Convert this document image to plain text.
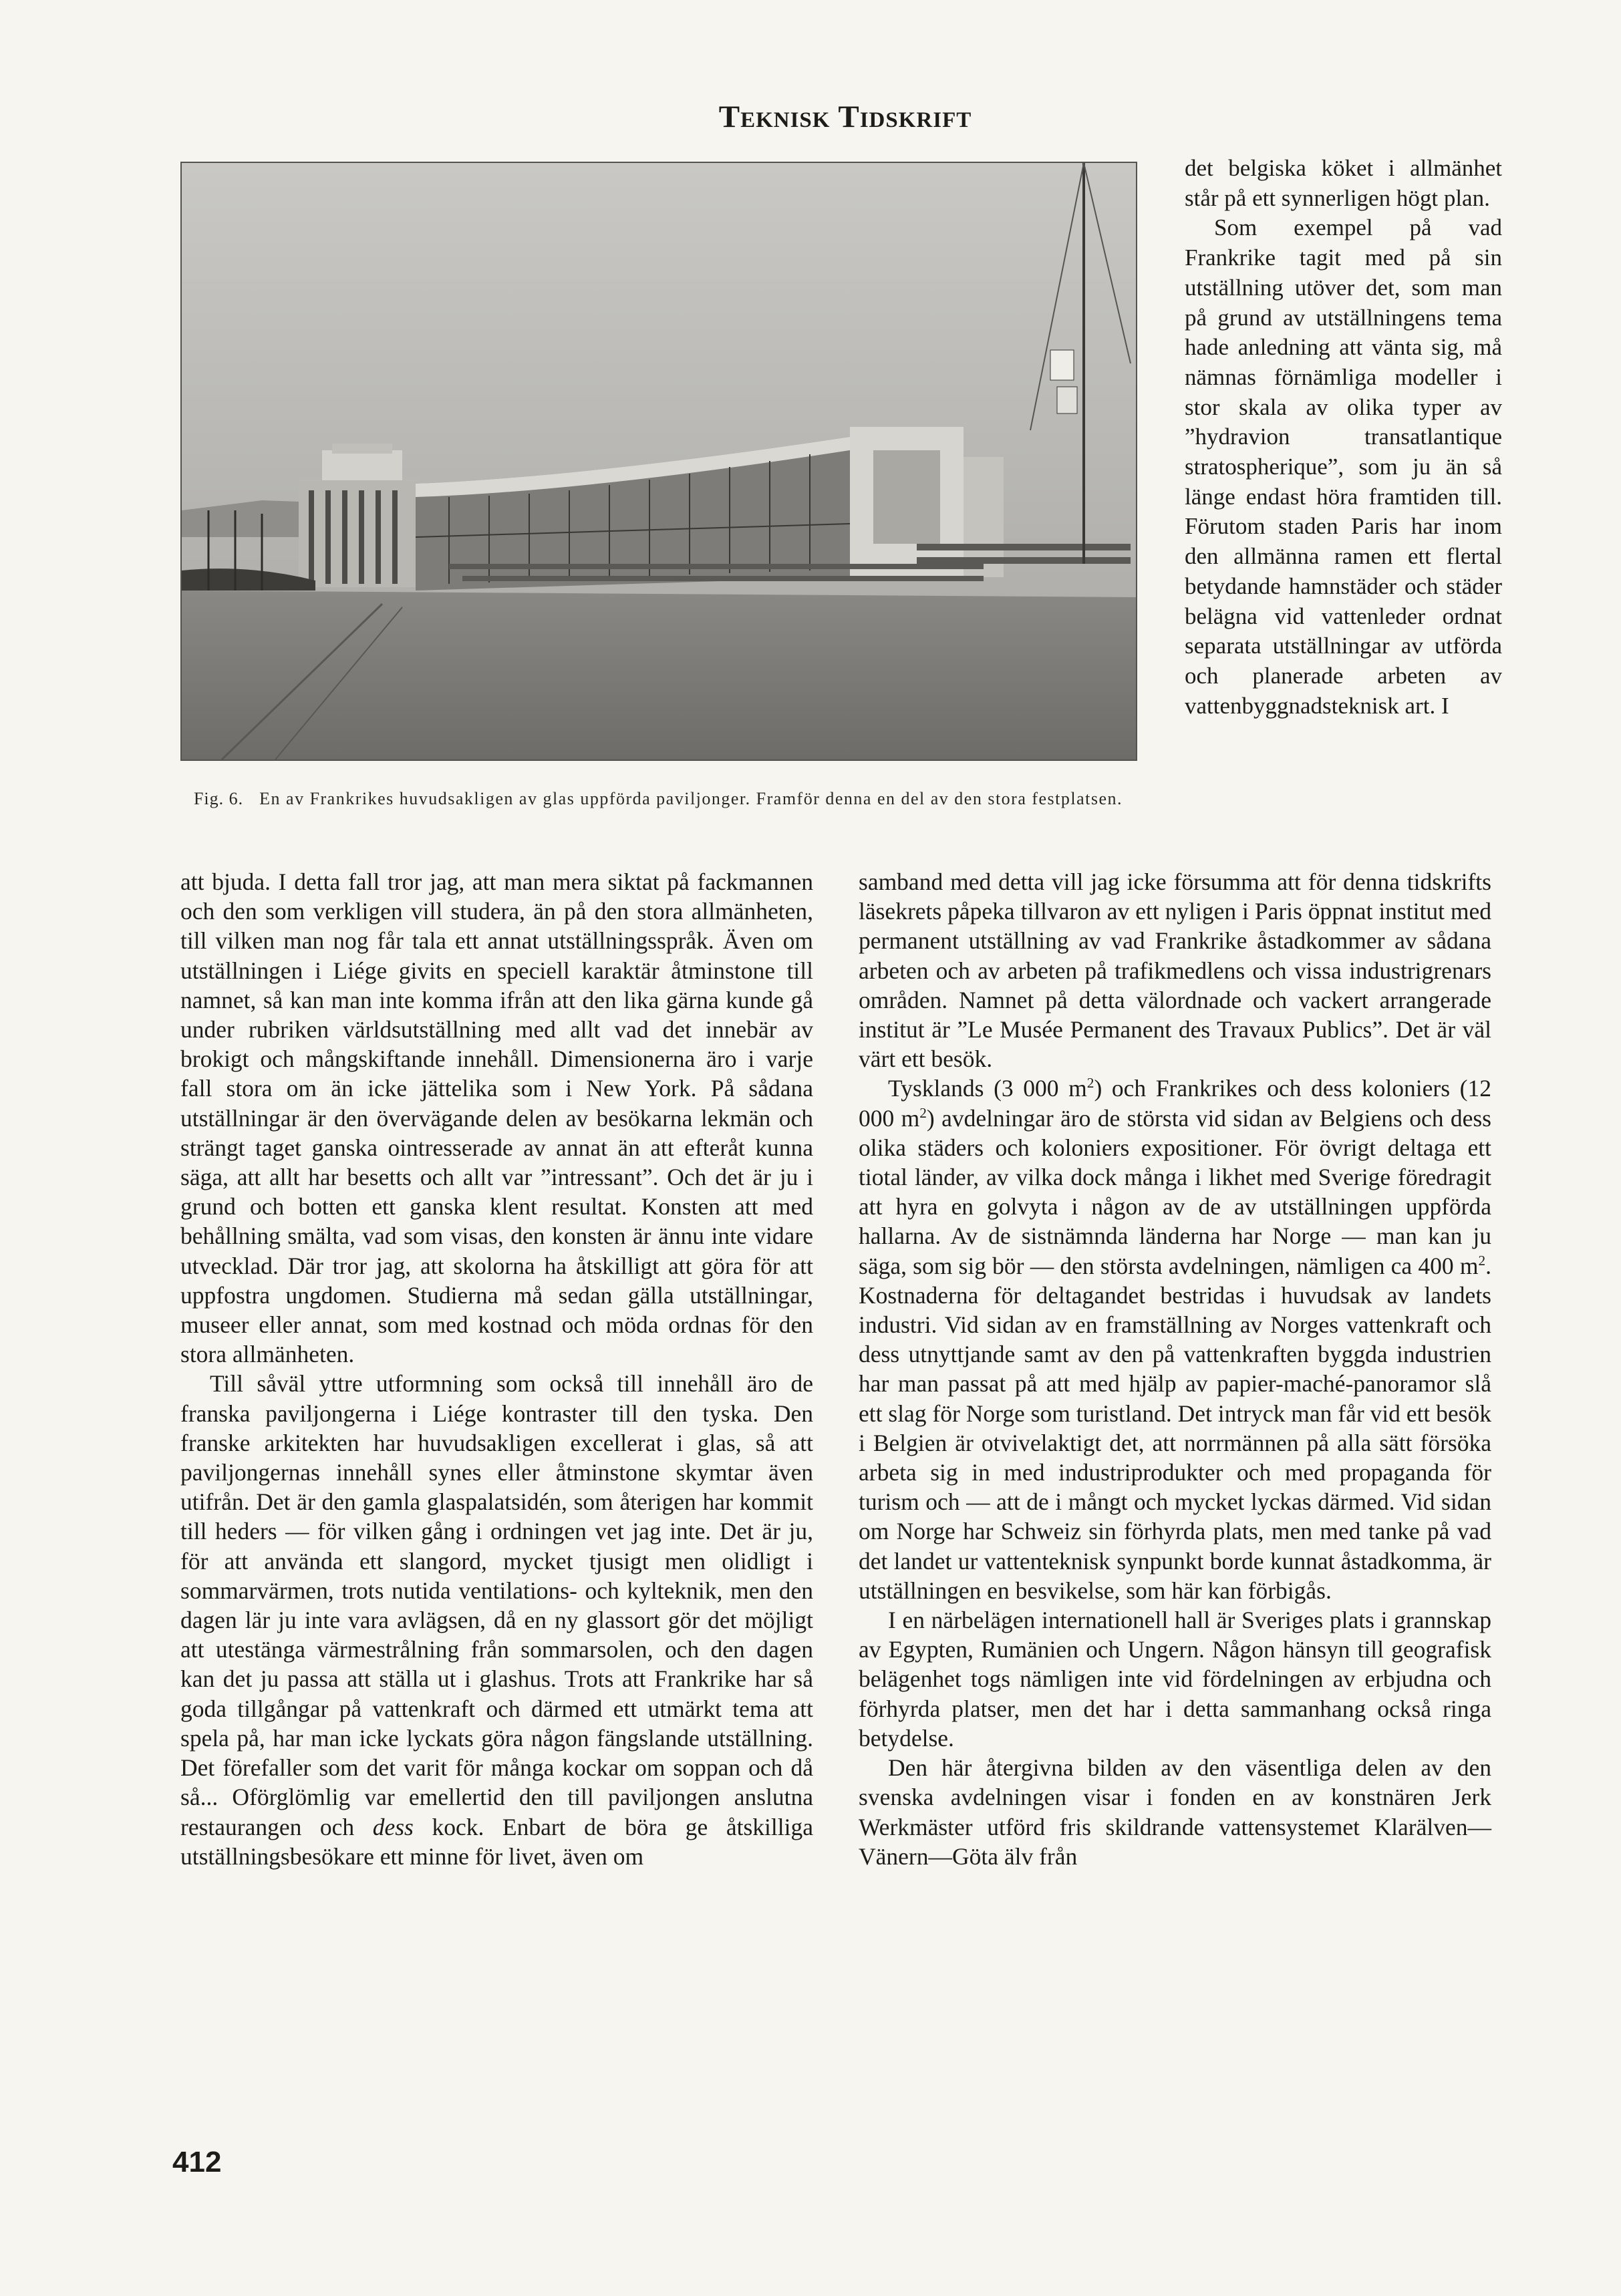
Teknisk Tidskrift
Fig. 6. En av Frankrikes huvudsakligen av glas uppförda paviljonger. Framför denna en del av den stora festplatsen.

det belgiska köket i allmänhet står på ett synnerligen högt plan.

Som exempel på vad Frankrike tagit med på sin utställning utöver det, som man på grund av utställningens tema hade anledning att vänta sig, må nämnas förnämliga modeller i stor skala av olika typer av ”hydravion transatlantique stratospherique”, som ju än så länge endast höra framtiden till. Förutom staden Paris har inom den allmänna ramen ett flertal betydande hamnstäder och städer belägna vid vattenleder ordnat separata utställningar av utförda och planerade arbeten av vattenbyggnadsteknisk art. I

att bjuda. I detta fall tror jag, att man mera siktat på fackmannen och den som verkligen vill studera, än på den stora allmänheten, till vilken man nog får tala ett annat utställningsspråk. Även om utställningen i Liége givits en speciell karaktär åtminstone till namnet, så kan man inte komma ifrån att den lika gärna kunde gå under rubriken världsutställning med allt vad det innebär av brokigt och mångskiftande innehåll. Dimensionerna äro i varje fall stora om än icke jättelika som i New York. På sådana utställningar är den övervägande delen av besökarna lekmän och strängt taget ganska ointresserade av annat än att efteråt kunna säga, att allt har besetts och allt var ”intressant”. Och det är ju i grund och botten ett ganska klent resultat. Konsten att med behållning smälta, vad som visas, den konsten är ännu inte vidare utvecklad. Där tror jag, att skolorna ha åtskilligt att göra för att uppfostra ungdomen. Studierna må sedan gälla utställningar, museer eller annat, som med kostnad och möda ordnas för den stora allmänheten.

Till såväl yttre utformning som också till innehåll äro de franska paviljongerna i Liége kontraster till den tyska. Den franske arkitekten har huvudsakligen excellerat i glas, så att paviljongernas innehåll synes eller åtminstone skymtar även utifrån. Det är den gamla glaspalatsidén, som återigen har kommit till heders — för vilken gång i ordningen vet jag inte. Det är ju, för att använda ett slangord, mycket tjusigt men olidligt i sommarvärmen, trots nutida ventilations- och kylteknik, men den dagen lär ju inte vara avlägsen, då en ny glassort gör det möjligt att utestänga värmestrålning från sommarsolen, och den dagen kan det ju passa att ställa ut i glashus. Trots att Frankrike har så goda tillgångar på vattenkraft och därmed ett utmärkt tema att spela på, har man icke lyckats göra någon fängslande utställning. Det förefaller som det varit för många kockar om soppan och då så... Oförglömlig var emellertid den till paviljongen anslutna restaurangen och dess kock. Enbart de böra ge åtskilliga utställningsbesökare ett minne för livet, även om

samband med detta vill jag icke försumma att för denna tidskrifts läsekrets påpeka tillvaron av ett nyligen i Paris öppnat institut med permanent utställning av vad Frankrike åstadkommer av sådana arbeten och av arbeten på trafikmedlens och vissa industrigrenars områden. Namnet på detta välordnade och vackert arrangerade institut är ”Le Musée Permanent des Travaux Publics”. Det är väl värt ett besök.

Tysklands (3 000 $m^2$) och Frankrikes och dess koloniers (12 000 $m^2$) avdelningar äro de största vid sidan av Belgiens och dess olika städers och koloniers expositioner. För övrigt deltaga ett tiotal länder, av vilka dock många i likhet med Sverige föredragit att hyra en golvyta i någon av de av utställningen uppförda hallarna. Av de sistnämnda länderna har Norge — man kan ju säga, som sig bör — den största avdelningen, nämligen ca 400 $m^2$. Kostnaderna för deltagandet bestridas i huvudsak av landets industri. Vid sidan av en framställning av Norges vattenkraft och dess utnyttjande samt av den på vattenkraften byggda industrien har man passat på att med hjälp av papier-maché-panoramor slå ett slag för Norge som turistland. Det intryck man får vid ett besök i Belgien är otvivelaktigt det, att norrmännen på alla sätt försöka arbeta sig in med industriprodukter och med propaganda för turism och — att de i mångt och mycket lyckas därmed. Vid sidan om Norge har Schweiz sin förhyrda plats, men med tanke på vad det landet ur vattenteknisk synpunkt borde kunnat åstadkomma, är utställningen en besvikelse, som här kan förbigås.

I en närbelägen internationell hall är Sveriges plats i grannskap av Egypten, Rumänien och Ungern. Någon hänsyn till geografisk belägenhet togs nämligen inte vid fördelningen av erbjudna och förhyrda platser, men det har i detta sammanhang också ringa betydelse.

Den här återgivna bilden av den väsentliga delen av den svenska avdelningen visar i fonden en av konstnären Jerk Werkmäster utförd fris skildrande vattensystemet Klarälven—Vänern—Göta älv från

412
